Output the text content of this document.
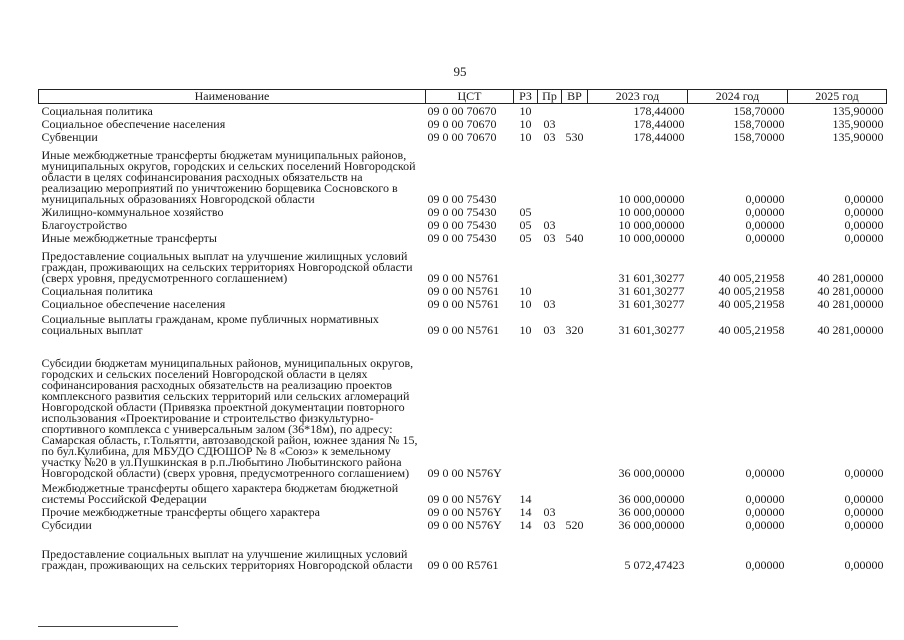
95
Наименование	ЦСТ	РЗ	Пр	ВР	2023 год	2024 год	2025 год
Социальная политика	09 0 00 70670	10			178,44000	158,70000	135,90000
Социальное обеспечение населения	09 0 00 70670	10	03		178,44000	158,70000	135,90000
Субвенции	09 0 00 70670	10	03	530	178,44000	158,70000	135,90000
Иные межбюджетные трансферты бюджетам муниципальных районов, муниципальных округов, городских и сельских поселений Новгородской области в целях софинансирования расходных обязательств на реализацию мероприятий по уничтожению борщевика Сосновского в муниципальных образованиях Новгородской области	09 0 00 75430				10 000,00000	0,00000	0,00000
Жилищно-коммунальное хозяйство	09 0 00 75430	05			10 000,00000	0,00000	0,00000
Благоустройство	09 0 00 75430	05	03		10 000,00000	0,00000	0,00000
Иные межбюджетные трансферты	09 0 00 75430	05	03	540	10 000,00000	0,00000	0,00000
Предоставление социальных выплат на улучшение жилищных условий граждан, проживающих на сельских территориях Новгородской области (сверх уровня, предусмотренного соглашением)	09 0 00 N5761				31 601,30277	40 005,21958	40 281,00000
Социальная политика	09 0 00 N5761	10			31 601,30277	40 005,21958	40 281,00000
Социальное обеспечение населения	09 0 00 N5761	10	03		31 601,30277	40 005,21958	40 281,00000
Социальные выплаты гражданам, кроме публичных нормативных социальных выплат	09 0 00 N5761	10	03	320	31 601,30277	40 005,21958	40 281,00000
Субсидии бюджетам муниципальных районов, муниципальных округов, городских и сельских поселений Новгородской области в целях софинансирования расходных обязательств на реализацию проектов комплексного развития сельских территорий или сельских агломераций Новгородской области (Привязка проектной документации повторного использования «Проектирование и строительство физкультурно-спортивного комплекса с универсальным залом (36*18м), по адресу: Самарская область, г.Тольятти, автозаводской район, южнее здания № 15, по бул.Кулибина, для МБУДО СДЮШОР № 8 «Союз» к земельному участку №20 в ул.Пушкинская в р.п.Любытино Любытинского района Новгородской области) (сверх уровня, предусмотренного соглашением)	09 0 00 N576Y				36 000,00000	0,00000	0,00000
Межбюджетные трансферты общего характера бюджетам бюджетной системы Российской Федерации	09 0 00 N576Y	14			36 000,00000	0,00000	0,00000
Прочие межбюджетные трансферты общего характера	09 0 00 N576Y	14	03		36 000,00000	0,00000	0,00000
Субсидии	09 0 00 N576Y	14	03	520	36 000,00000	0,00000	0,00000
Предоставление социальных выплат на улучшение жилищных условий граждан, проживающих на сельских территориях Новгородской области	09 0 00 R5761				5 072,47423	0,00000	0,00000
